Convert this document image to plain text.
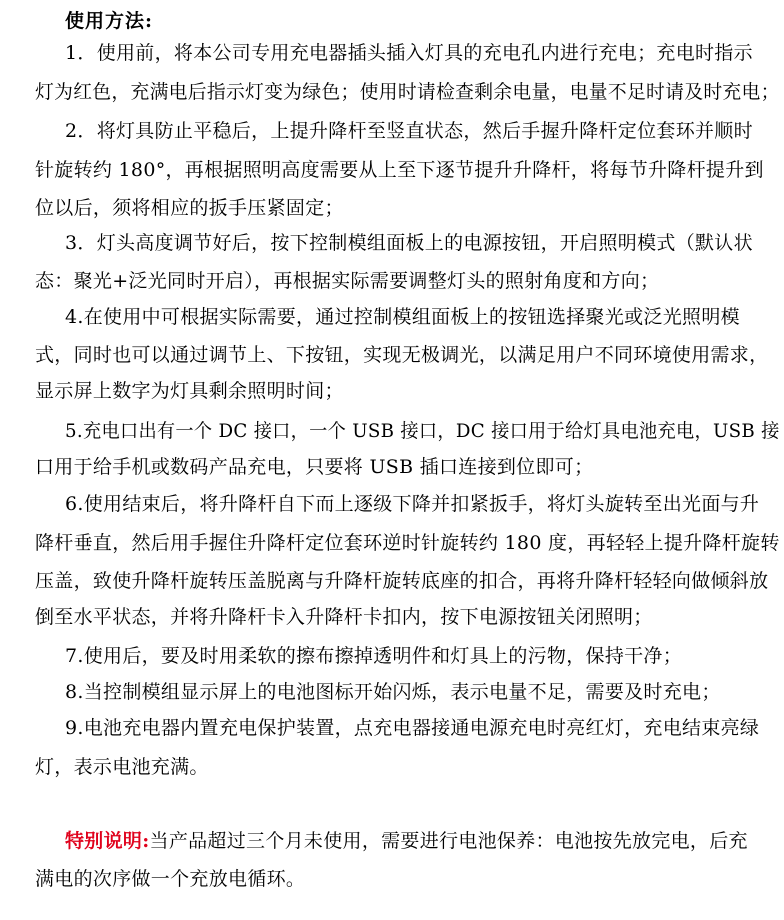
使用方法:
1．使用前，将本公司专用充电器插头插入灯具的充电孔内进行充电；充电时指示
灯为红色，充满电后指示灯变为绿色；使用时请检查剩余电量，电量不足时请及时充电；
2．将灯具防止平稳后，上提升降杆至竖直状态，然后手握升降杆定位套环并顺时
针旋转约 180°，再根据照明高度需要从上至下逐节提升升降杆，将每节升降杆提升到
位以后，须将相应的扳手压紧固定；
3．灯头高度调节好后，按下控制模组面板上的电源按钮，开启照明模式（默认状
态：聚光+泛光同时开启），再根据实际需要调整灯头的照射角度和方向；
4.在使用中可根据实际需要，通过控制模组面板上的按钮选择聚光或泛光照明模
式，同时也可以通过调节上、下按钮，实现无极调光，以满足用户不同环境使用需求，
显示屏上数字为灯具剩余照明时间；
5.充电口出有一个 DC 接口，一个 USB 接口，DC 接口用于给灯具电池充电，USB 接
口用于给手机或数码产品充电，只要将 USB 插口连接到位即可；
6.使用结束后，将升降杆自下而上逐级下降并扣紧扳手，将灯头旋转至出光面与升
降杆垂直，然后用手握住升降杆定位套环逆时针旋转约 180 度，再轻轻上提升降杆旋转
压盖，致使升降杆旋转压盖脱离与升降杆旋转底座的扣合，再将升降杆轻轻向做倾斜放
倒至水平状态，并将升降杆卡入升降杆卡扣内，按下电源按钮关闭照明；
7.使用后，要及时用柔软的擦布擦掉透明件和灯具上的污物，保持干净；
8.当控制模组显示屏上的电池图标开始闪烁，表示电量不足，需要及时充电；
9.电池充电器内置充电保护装置，点充电器接通电源充电时亮红灯，充电结束亮绿
灯，表示电池充满。
特别说明:当产品超过三个月未使用，需要进行电池保养：电池按先放完电，后充
满电的次序做一个充放电循环。
